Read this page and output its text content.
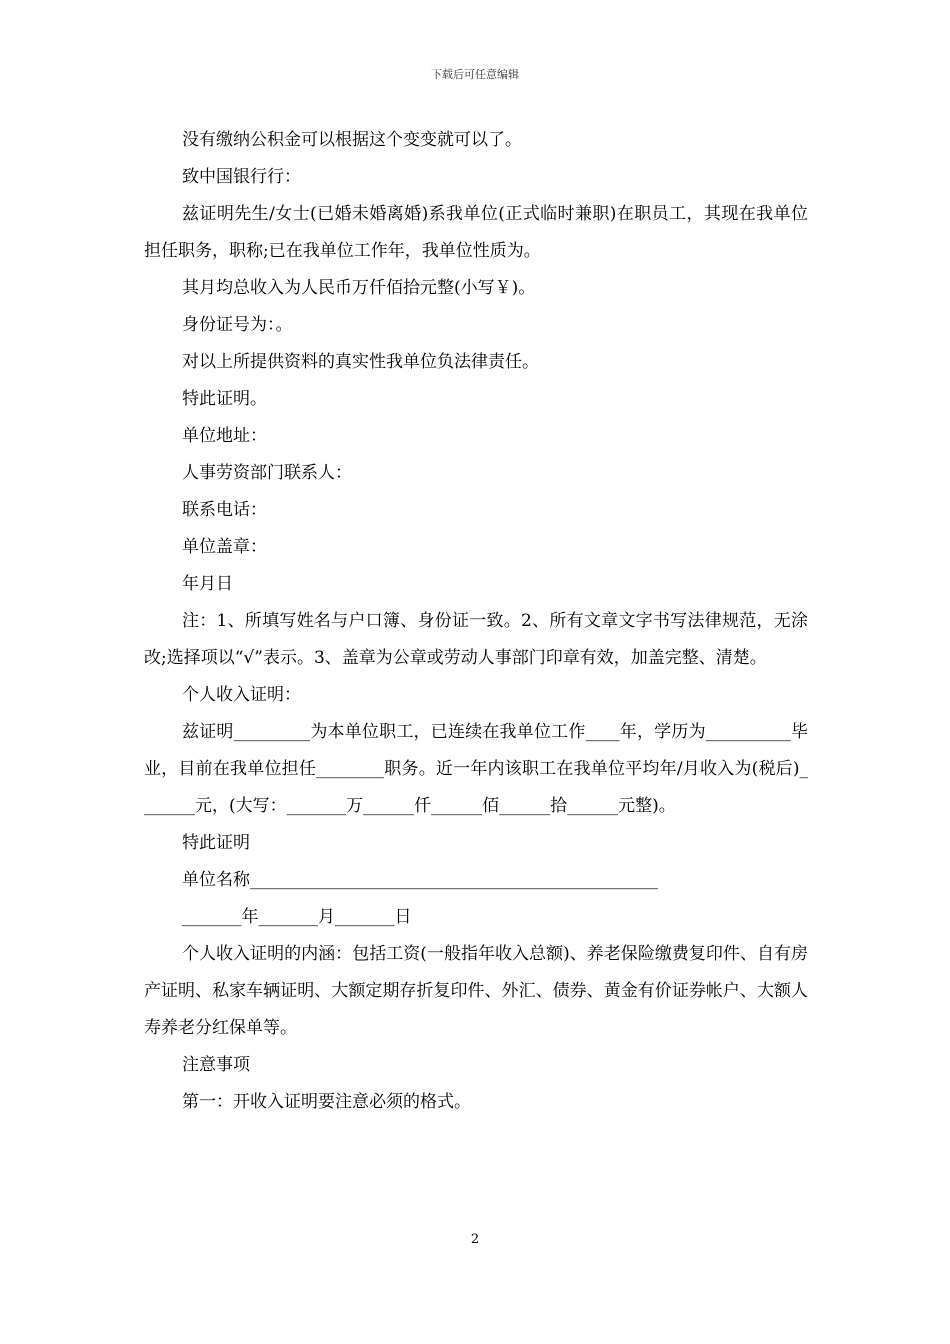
下载后可任意编辑

没有缴纳公积金可以根据这个变变就可以了。

致中国银行行：

兹证明先生/女士(已婚未婚离婚)系我单位(正式临时兼职)在职员工，其现在我单位担任职务，职称;已在我单位工作年，我单位性质为。

其月均总收入为人民币万仟佰拾元整(小写￥)。

身份证号为：。

对以上所提供资料的真实性我单位负法律责任。

特此证明。

单位地址：

人事劳资部门联系人：

联系电话：

单位盖章：

年月日

注：1、所填写姓名与户口簿、身份证一致。2、所有文章文字书写法律规范，无涂改;选择项以“√”表示。3、盖章为公章或劳动人事部门印章有效，加盖完整、清楚。

个人收入证明：

兹证明_________为本单位职工，已连续在我单位工作____年，学历为__________毕业，目前在我单位担任________职务。近一年内该职工在我单位平均年/月收入为(税后)_______元，(大写：_______万______仟______佰______拾______元整)。

特此证明

单位名称________________________________________________

_______年_______月_______日

个人收入证明的内涵：包括工资(一般指年收入总额)、养老保险缴费复印件、自有房产证明、私家车辆证明、大额定期存折复印件、外汇、债券、黄金有价证券帐户、大额人寿养老分红保单等。

注意事项

第一：开收入证明要注意必须的格式。

2
